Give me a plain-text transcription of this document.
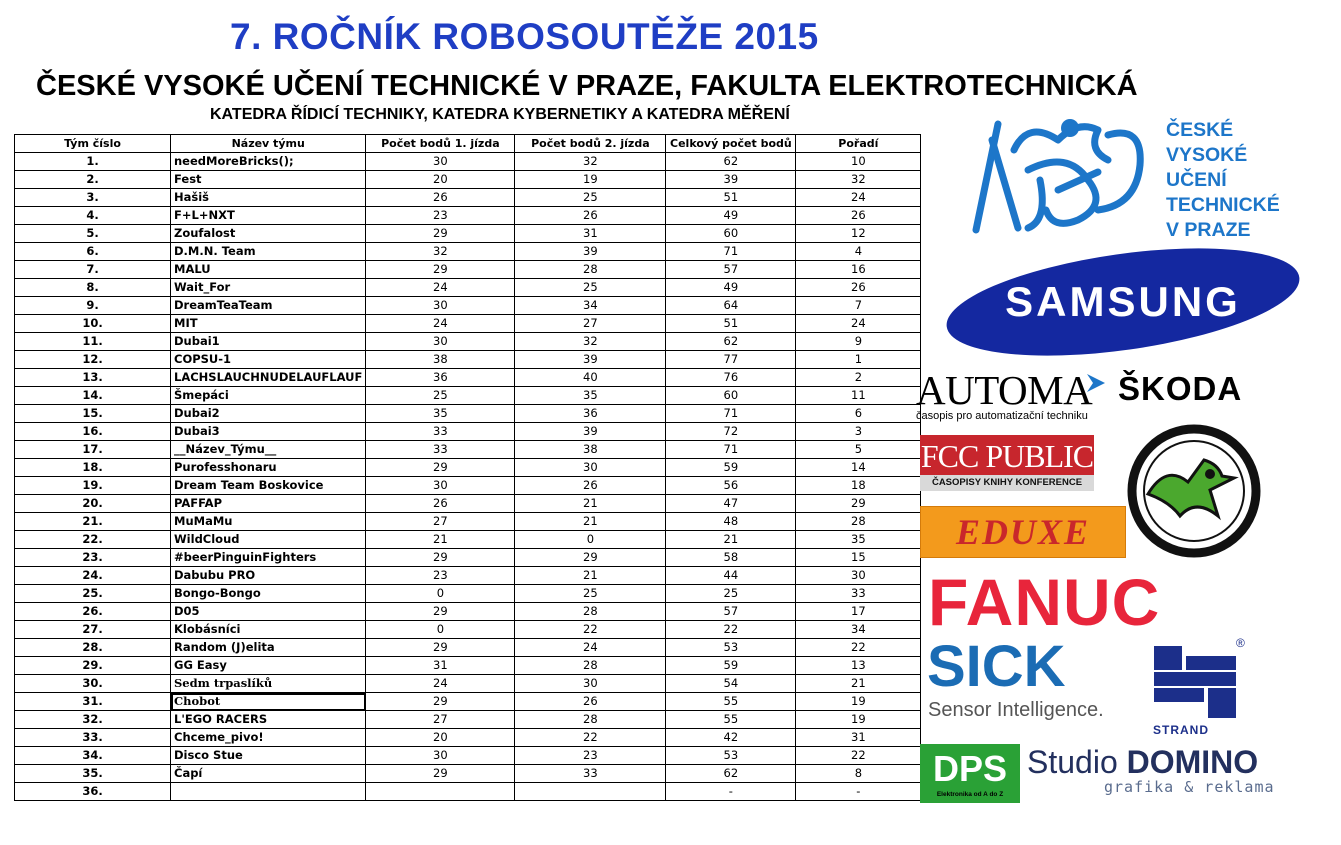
7. ROČNÍK ROBOSOUTĚŽE 2015
ČESKÉ VYSOKÉ UČENÍ TECHNICKÉ V PRAZE, FAKULTA ELEKTROTECHNICKÁ
KATEDRA ŘÍDICÍ TECHNIKY, KATEDRA KYBERNETIKY A KATEDRA MĚŘENÍ
Tým číslo	Název týmu	Počet bodů 1. jízda	Počet bodů 2. jízda	Celkový počet bodů	Pořadí
1.	needMoreBricks();	30	32	62	10
2.	Fest	20	19	39	32
3.	Hašiš	26	25	51	24
4.	F+L+NXT	23	26	49	26
5.	Zoufalost	29	31	60	12
6.	D.M.N. Team	32	39	71	4
7.	MALU	29	28	57	16
8.	Wait_For	24	25	49	26
9.	DreamTeaTeam	30	34	64	7
10.	MIT	24	27	51	24
11.	Dubai1	30	32	62	9
12.	COPSU-1	38	39	77	1
13.	LACHSLAUCHNUDELAUFLAUF	36	40	76	2
14.	Šmepáci	25	35	60	11
15.	Dubai2	35	36	71	6
16.	Dubai3	33	39	72	3
17.	__Název_Týmu__	33	38	71	5
18.	Purofesshonaru	29	30	59	14
19.	Dream Team Boskovice	30	26	56	18
20.	PAFFAP	26	21	47	29
21.	MuMaMu	27	21	48	28
22.	WildCloud	21	0	21	35
23.	#beerPinguinFighters	29	29	58	15
24.	Dabubu PRO	23	21	44	30
25.	Bongo-Bongo	0	25	25	33
26.	D05	29	28	57	17
27.	Klobásníci	0	22	22	34
28.	Random (J)elita	29	24	53	22
29.	GG Easy	31	28	59	13
30.	Sedm trpaslíků	24	30	54	21
31.	Chobot	29	26	55	19
32.	L'EGO RACERS	27	28	55	19
33.	Chceme_pivo!	20	22	42	31
34.	Disco Stue	30	23	53	22
35.	Čapí	29	33	62	8
36.				-	-
ČESKÉ
VYSOKÉ
UČENÍ
TECHNICKÉ
V PRAZE
SAMSUNG
AUTOMA
časopis pro automatizační techniku
ŠKODA
FCC PUBLIC
ČASOPISY KNIHY KONFERENCE
EDUXE
FANUC
SICK
Sensor Intelligence.
®
STRAND
DPS
Elektronika od A do Z
Studio DOMINO
grafika & reklama
